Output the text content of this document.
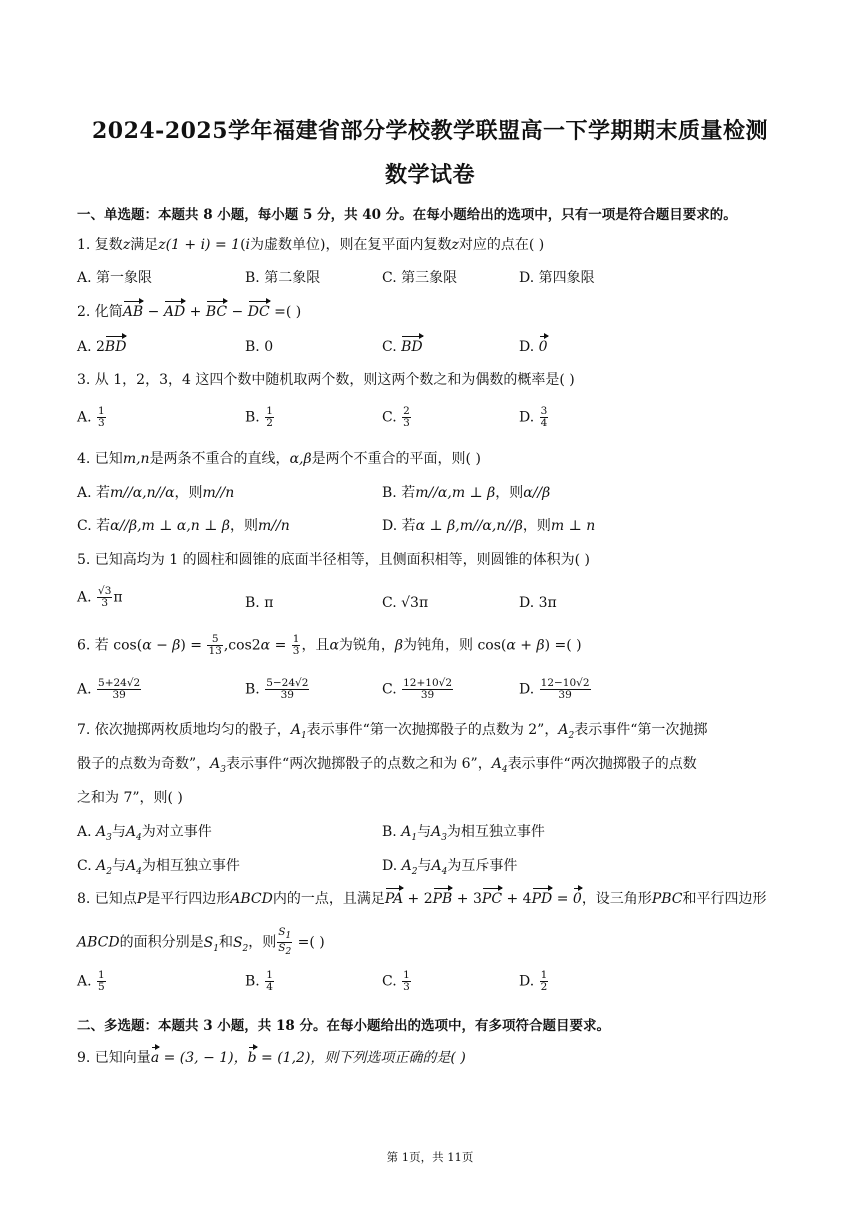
2024-2025学年福建省部分学校教学联盟高一下学期期末质量检测
数学试卷
一、单选题：本题共 8 小题，每小题 5 分，共 40 分。在每小题给出的选项中，只有一项是符合题目要求的。
1. 复数z满足z(1 + i) = 1(i为虚数单位)，则在复平面内复数z对应的点在( )
A. 第一象限	B. 第二象限	C. 第三象限	D. 第四象限
2. 化简AB − AD + BC − DC =( )
A. 2BD	B. 0	C. BD	D. 0
3. 从 1，2，3，4 这四个数中随机取两个数，则这两个数之和为偶数的概率是( )
A. $\frac{1}{3}$	B. $\frac{1}{2}$	C. $\frac{2}{3}$	D. $\frac{3}{4}$
4. 已知m,n是两条不重合的直线，α,β是两个不重合的平面，则( )
A. 若m//α,n//α，则m//n	B. 若m//α,m ⊥ β，则α//β
C. 若α//β,m ⊥ α,n ⊥ β，则m//n	D. 若α ⊥ β,m//α,n//β，则m ⊥ n
5. 已知高均为 1 的圆柱和圆锥的底面半径相等，且侧面积相等，则圆锥的体积为( )
A. $\frac{√3}{3}$ π	B. π	C. √3π	D. 3π
6. 若 $\cos(\alpha - \beta) = \frac{5}{13} ,\cos 2\alpha = \frac{1}{3}$ ，且α为锐角，β为钝角，则 cos(α + β) =( )
A. $\frac{5+24√2}{39}$	B. $\frac{5-24√2}{39}$	C. $\frac{12+10√2}{39}$	D. $\frac{12-10√2}{39}$
7. 依次抛掷两枚质地均匀的骰子，$A_1$表示事件“第一次抛掷骰子的点数为 2”，$A_2$表示事件“第一次抛掷
骰子的点数为奇数”，$A_3$表示事件“两次抛掷骰子的点数之和为 6”，$A_4$表示事件“两次抛掷骰子的点数
之和为 7”，则( )
A. $A_3$与$A_4$为对立事件	B. $A_1$与$A_3$为相互独立事件
C. $A_2$与$A_4$为相互独立事件	D. $A_2$与$A_4$为互斥事件
8. 已知点P是平行四边形ABCD内的一点，且满足PA + 2PB + 3PC + 4PD = 0，设三角形PBC和平行四边形
ABCD的面积分别是$S_1$和$S_2$，则 $\frac{S_1}{S_2}$ =( )
A. $\frac{1}{5}$	B. $\frac{1}{4}$	C. $\frac{1}{3}$	D. $\frac{1}{2}$
二、多选题：本题共 3 小题，共 18 分。在每小题给出的选项中，有多项符合题目要求。
9. 已知向量a = (3, − 1)，b = (1,2)，则下列选项正确的是( )
第 1页，共 11页
